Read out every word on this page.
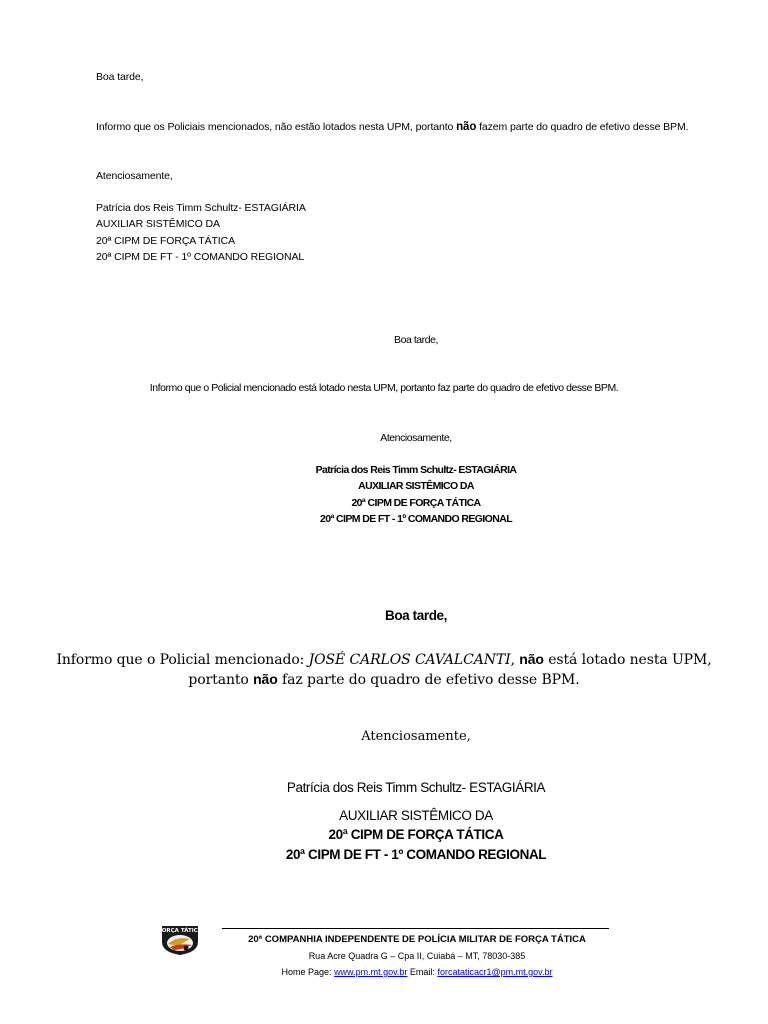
Boa tarde,
Informo que os Policiais mencionados, não estão lotados nesta UPM, portanto não fazem parte do quadro de efetivo desse BPM.
Atenciosamente,
Patrícia dos Reis Timm Schultz- ESTAGIÁRIA
AUXILIAR SISTÊMICO DA
20ª CIPM DE FORÇA TÁTICA
20ª CIPM DE FT - 1º COMANDO REGIONAL
Boa tarde,
Informo que o Policial mencionado está lotado nesta UPM, portanto faz parte do quadro de efetivo desse BPM.
Atenciosamente,
Patrícia dos Reis Timm Schultz- ESTAGIÁRIA
AUXILIAR SISTÊMICO DA
20ª CIPM DE FORÇA TÁTICA
20ª CIPM DE FT - 1º COMANDO REGIONAL
Boa tarde,
Informo que o Policial mencionado: JOSÉ CARLOS CAVALCANTI, não está lotado nesta UPM,
portanto não faz parte do quadro de efetivo desse BPM.
Atenciosamente,
Patrícia dos Reis Timm Schultz- ESTAGIÁRIA
AUXILIAR SISTÊMICO DA
20ª CIPM DE FORÇA TÁTICA
20ª CIPM DE FT - 1º COMANDO REGIONAL
FORÇA TÁTICA
20ª COMPANHIA INDEPENDENTE DE POLÍCIA MILITAR DE FORÇA TÁTICA
Rua Acre Quadra G – Cpa II, Cuiabá – MT, 78030-385
Home Page: www.pm.mt.gov.br Email: forcataticacr1@pm.mt.gov.br
